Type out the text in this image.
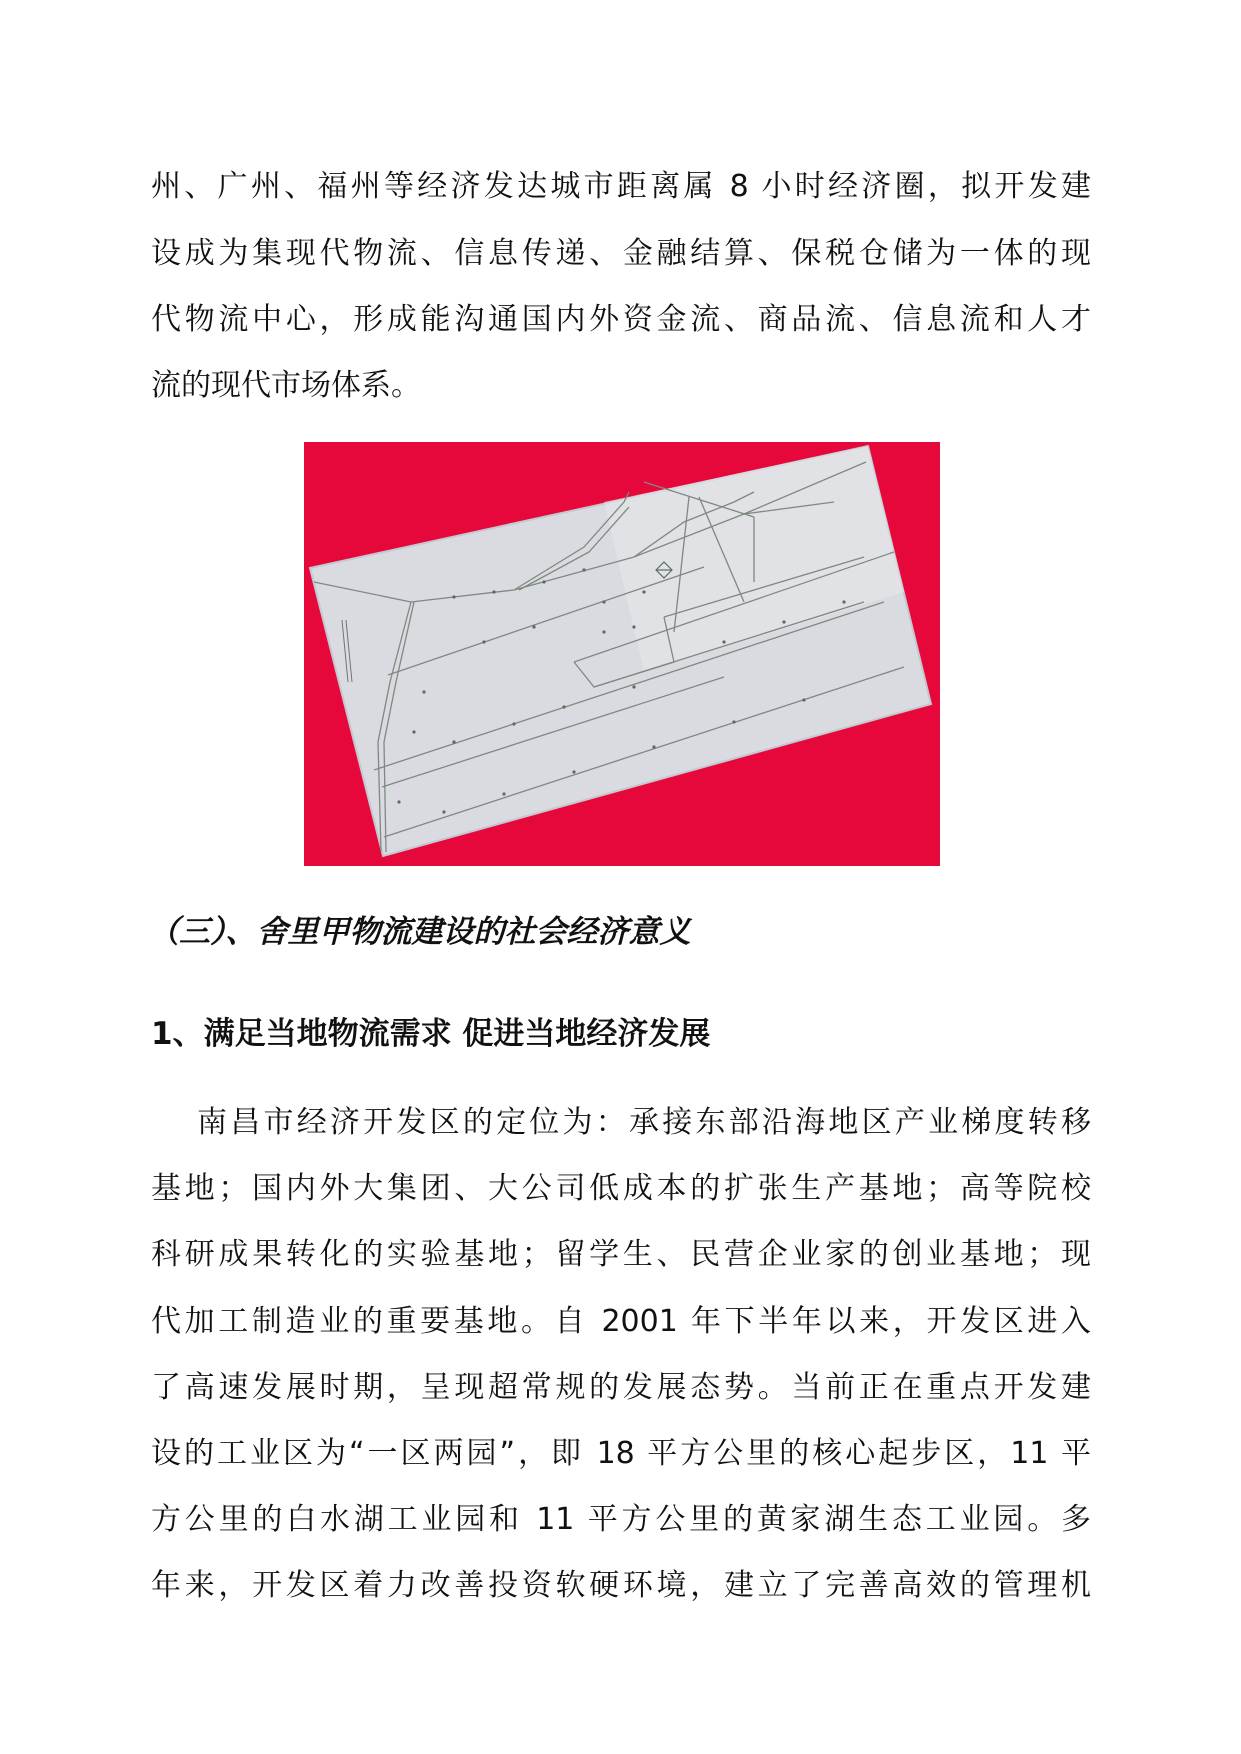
州、广州、福州等经济发达城市距离属 8 小时经济圈，拟开发建
设成为集现代物流、信息传递、金融结算、保税仓储为一体的现
代物流中心，形成能沟通国内外资金流、商品流、信息流和人才
流的现代市场体系。
（三）、舍里甲物流建设的社会经济意义
1、满足当地物流需求 促进当地经济发展
南昌市经济开发区的定位为：承接东部沿海地区产业梯度转移
基地；国内外大集团、大公司低成本的扩张生产基地；高等院校
科研成果转化的实验基地；留学生、民营企业家的创业基地；现
代加工制造业的重要基地。自 2001 年下半年以来，开发区进入
了高速发展时期，呈现超常规的发展态势。当前正在重点开发建
设的工业区为“一区两园”，即 18 平方公里的核心起步区，11 平
方公里的白水湖工业园和 11 平方公里的黄家湖生态工业园。多
年来，开发区着力改善投资软硬环境，建立了完善高效的管理机
